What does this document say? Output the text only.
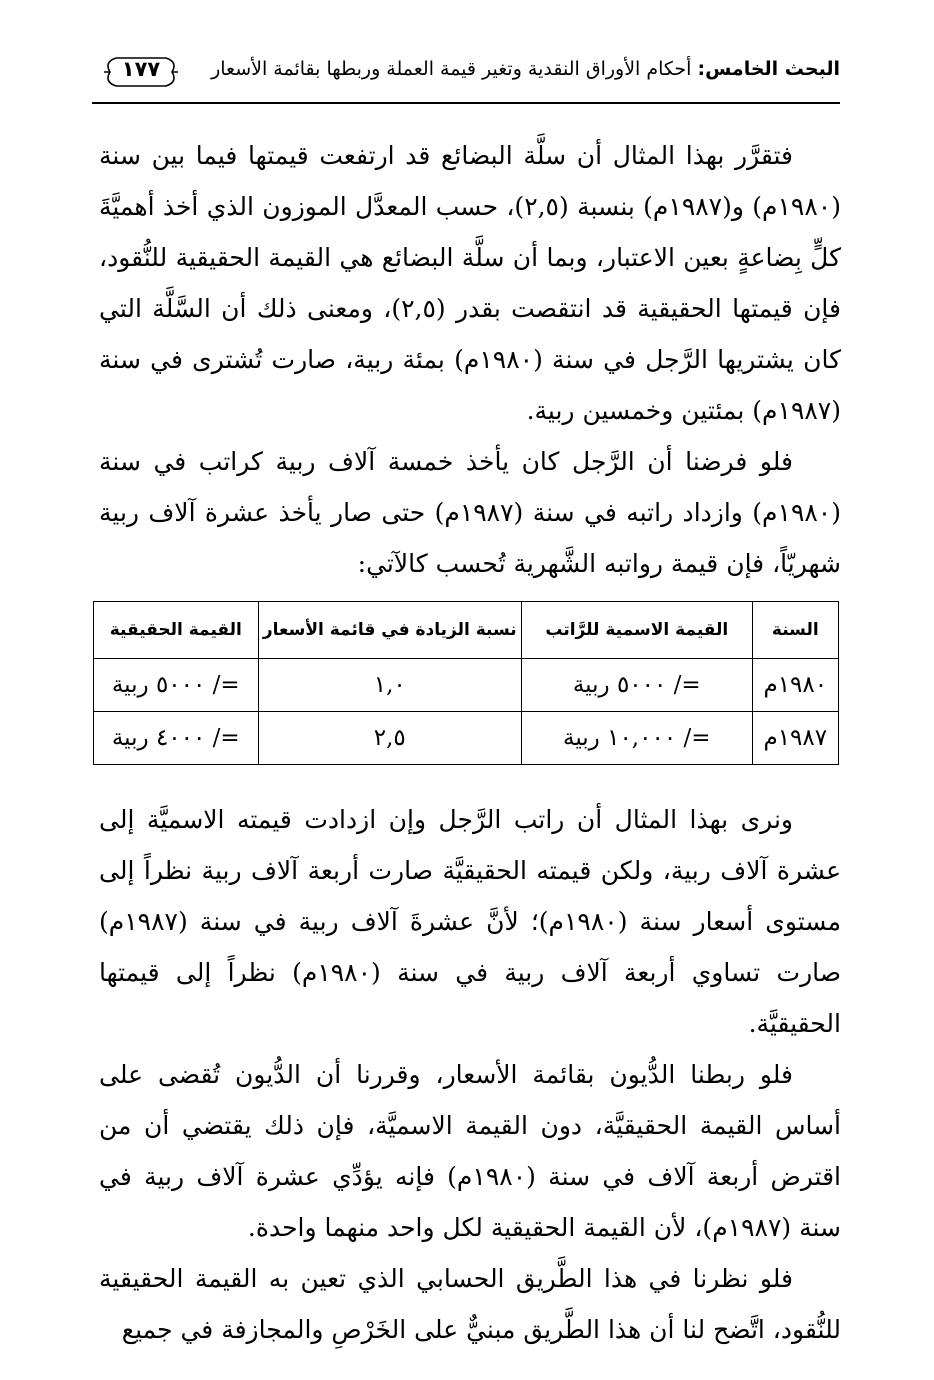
البحث الخامس: أحكام الأوراق النقدية وتغير قيمة العملة وربطها بقائمة الأسعار
١٧٧

فتقرَّر بهذا المثال أن سلَّة البضائع قد ارتفعت قيمتها فيما بين سنة (١٩٨٠م) و(١٩٨٧م) بنسبة (٢,٥)، حسب المعدَّل الموزون الذي أخذ أهميَّةَ كلٍّ بِضاعةٍ بعين الاعتبار، وبما أن سلَّة البضائع هي القيمة الحقيقية للنُّقود، فإن قيمتها الحقيقية قد انتقصت بقدر (٢,٥)، ومعنى ذلك أن السَّلَّة التي كان يشتريها الرَّجل في سنة (١٩٨٠م) بمئة ربية، صارت تُشترى في سنة (١٩٨٧م) بمئتين وخمسين ربية.

فلو فرضنا أن الرَّجل كان يأخذ خمسة آلاف ربية كراتب في سنة (١٩٨٠م) وازداد راتبه في سنة (١٩٨٧م) حتى صار يأخذ عشرة آلاف ربية شهريّاً، فإن قيمة رواتبه الشَّهرية تُحسب كالآتي:

السنة	القيمة الاسمية للرَّاتب	نسبة الزيادة في قائمة الأسعار	القيمة الحقيقية
١٩٨٠م	=/ ٥٠٠٠ ربية	١,٠	=/ ٥٠٠٠ ربية
١٩٨٧م	=/ ١٠,٠٠٠ ربية	٢,٥	=/ ٤٠٠٠ ربية

ونرى بهذا المثال أن راتب الرَّجل وإن ازدادت قيمته الاسميَّة إلى عشرة آلاف ربية، ولكن قيمته الحقيقيَّة صارت أربعة آلاف ربية نظراً إلى مستوى أسعار سنة (١٩٨٠م)؛ لأنَّ عشرةَ آلاف ربية في سنة (١٩٨٧م) صارت تساوي أربعة آلاف ربية في سنة (١٩٨٠م) نظراً إلى قيمتها الحقيقيَّة.

فلو ربطنا الدُّيون بقائمة الأسعار، وقررنا أن الدُّيون تُقضى على أساس القيمة الحقيقيَّة، دون القيمة الاسميَّة، فإن ذلك يقتضي أن من اقترض أربعة آلاف في سنة (١٩٨٠م) فإنه يؤدِّي عشرة آلاف ربية في سنة (١٩٨٧م)، لأن القيمة الحقيقية لكل واحد منهما واحدة.

فلو نظرنا في هذا الطَّريق الحسابي الذي تعين به القيمة الحقيقية للنُّقود، اتَّضح لنا أن هذا الطَّريق مبنيٌّ على الخَرْصِ والمجازفة في جميع
